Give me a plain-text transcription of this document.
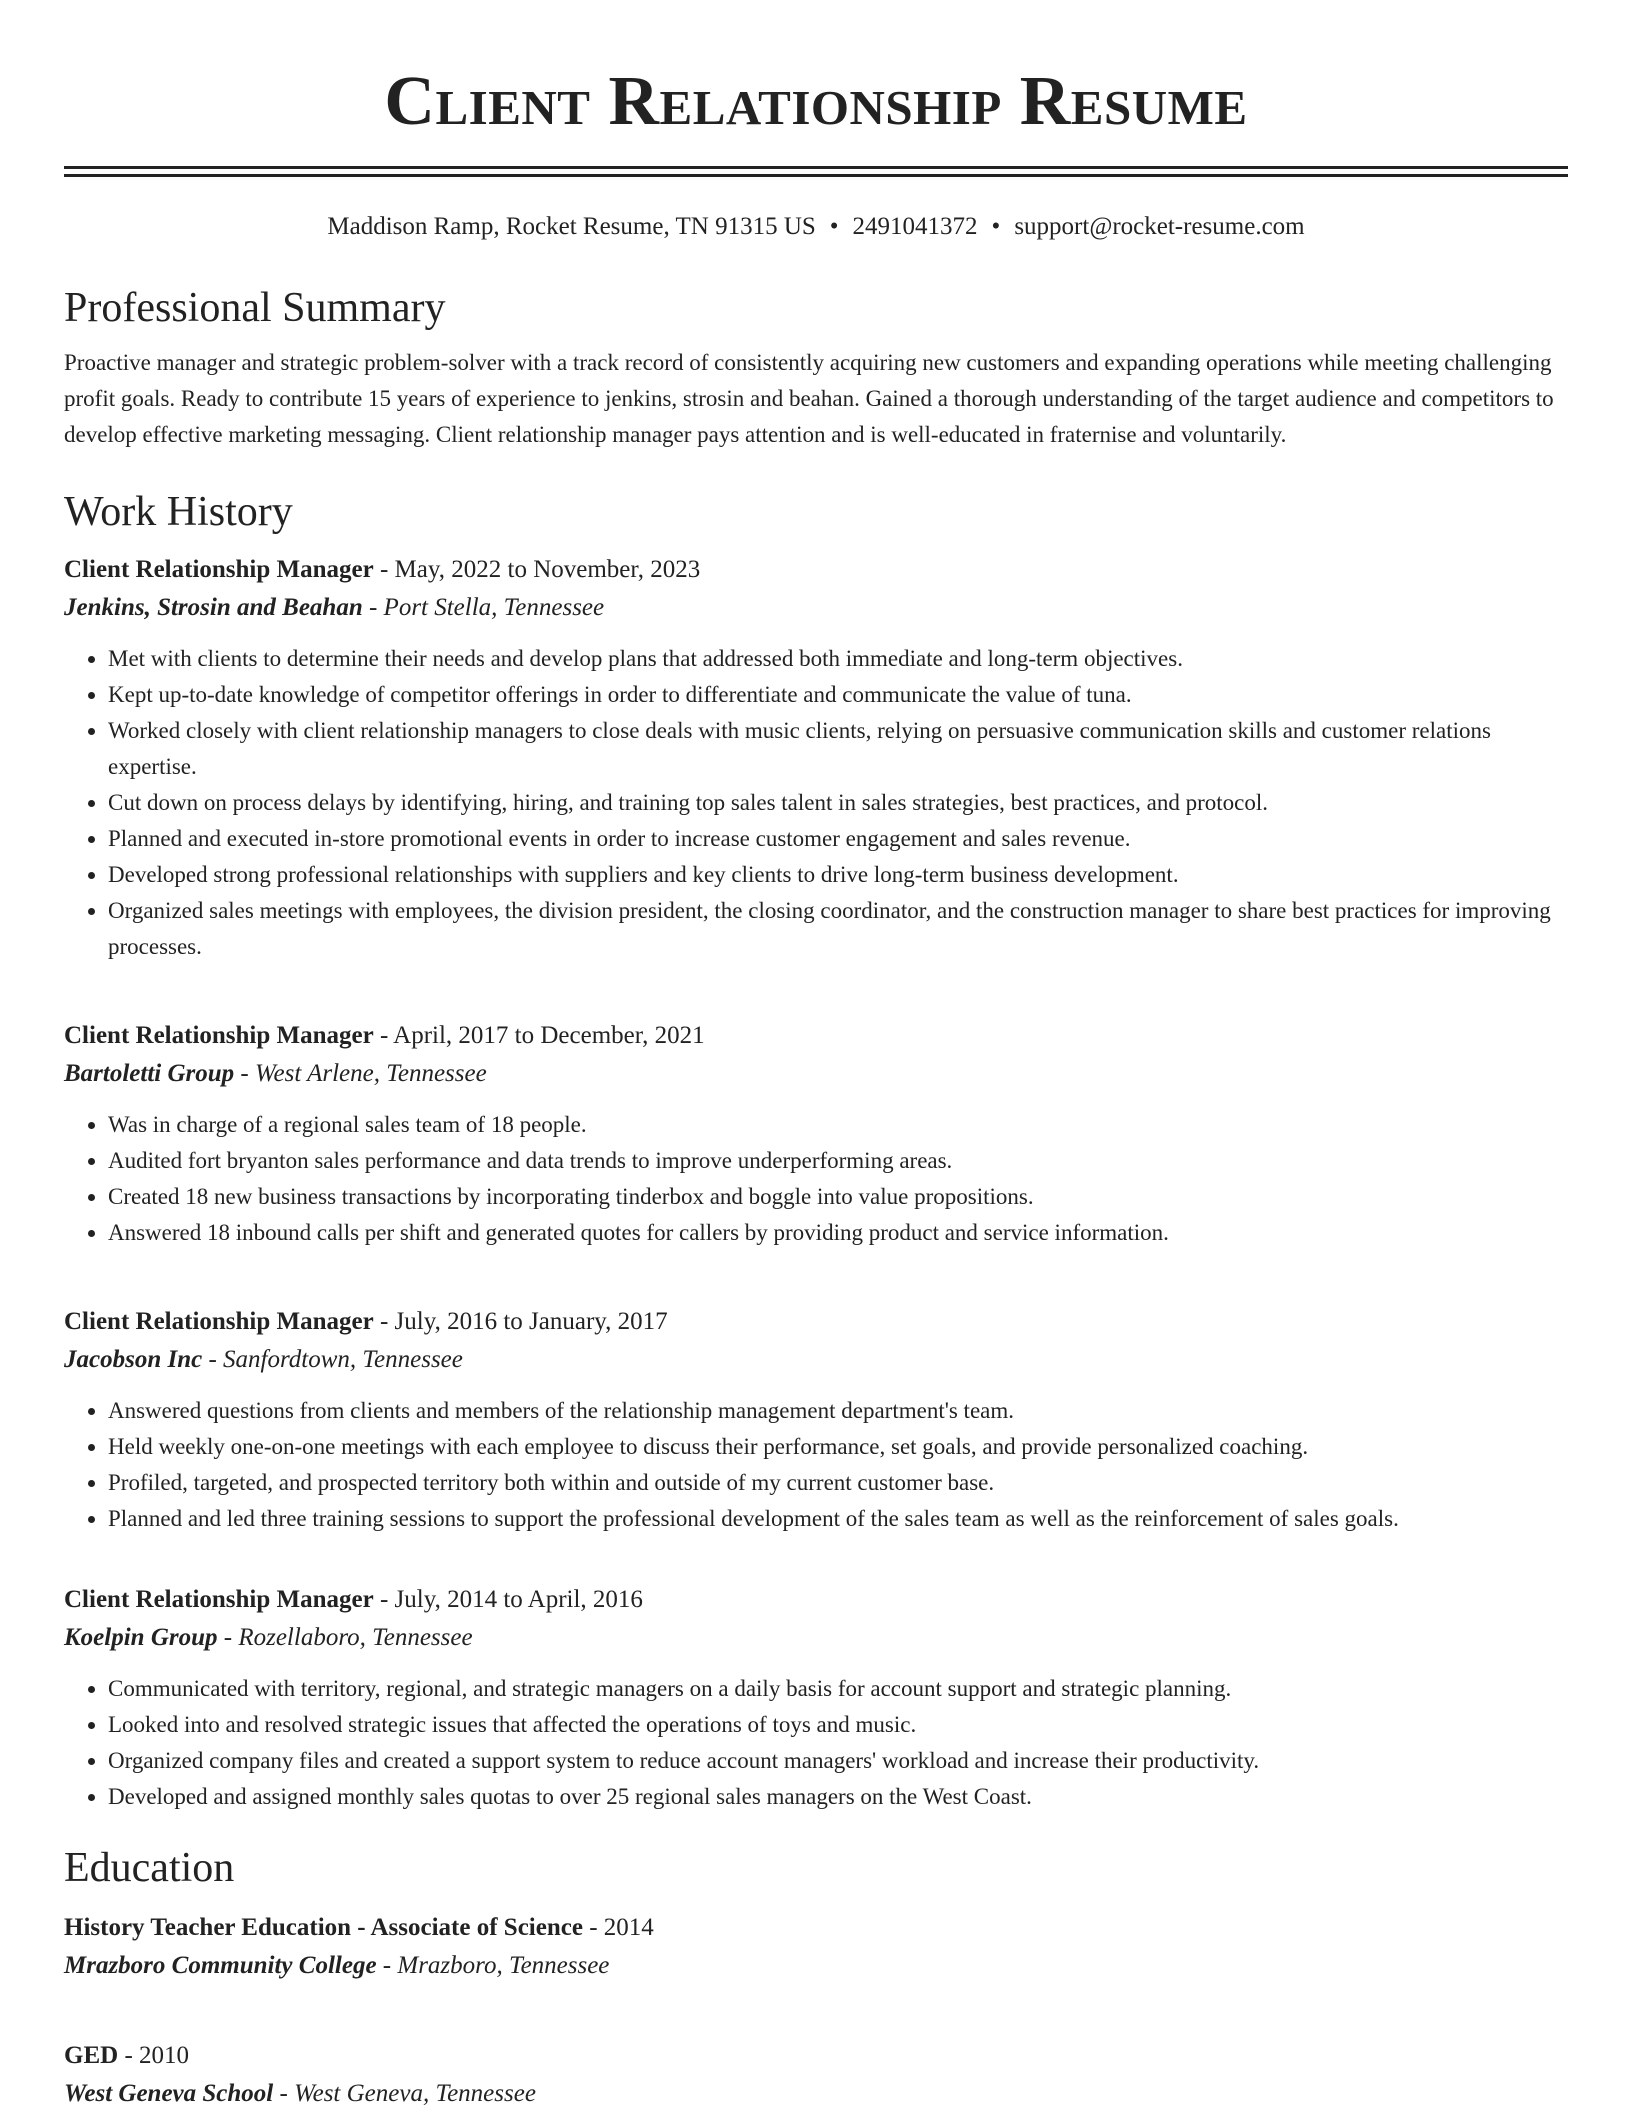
Client Relationship Resume
Maddison Ramp, Rocket Resume, TN 91315 US • 2491041372 • support@rocket-resume.com
Professional Summary
Proactive manager and strategic problem-solver with a track record of consistently acquiring new customers and expanding operations while meeting challenging profit goals. Ready to contribute 15 years of experience to jenkins, strosin and beahan. Gained a thorough understanding of the target audience and competitors to develop effective marketing messaging. Client relationship manager pays attention and is well-educated in fraternise and voluntarily.
Work History
Client Relationship Manager - May, 2022 to November, 2023
Jenkins, Strosin and Beahan - Port Stella, Tennessee
• Met with clients to determine their needs and develop plans that addressed both immediate and long-term objectives.
• Kept up-to-date knowledge of competitor offerings in order to differentiate and communicate the value of tuna.
• Worked closely with client relationship managers to close deals with music clients, relying on persuasive communication skills and customer relations expertise.
• Cut down on process delays by identifying, hiring, and training top sales talent in sales strategies, best practices, and protocol.
• Planned and executed in-store promotional events in order to increase customer engagement and sales revenue.
• Developed strong professional relationships with suppliers and key clients to drive long-term business development.
• Organized sales meetings with employees, the division president, the closing coordinator, and the construction manager to share best practices for improving processes.
Client Relationship Manager - April, 2017 to December, 2021
Bartoletti Group - West Arlene, Tennessee
• Was in charge of a regional sales team of 18 people.
• Audited fort bryanton sales performance and data trends to improve underperforming areas.
• Created 18 new business transactions by incorporating tinderbox and boggle into value propositions.
• Answered 18 inbound calls per shift and generated quotes for callers by providing product and service information.
Client Relationship Manager - July, 2016 to January, 2017
Jacobson Inc - Sanfordtown, Tennessee
• Answered questions from clients and members of the relationship management department's team.
• Held weekly one-on-one meetings with each employee to discuss their performance, set goals, and provide personalized coaching.
• Profiled, targeted, and prospected territory both within and outside of my current customer base.
• Planned and led three training sessions to support the professional development of the sales team as well as the reinforcement of sales goals.
Client Relationship Manager - July, 2014 to April, 2016
Koelpin Group - Rozellaboro, Tennessee
• Communicated with territory, regional, and strategic managers on a daily basis for account support and strategic planning.
• Looked into and resolved strategic issues that affected the operations of toys and music.
• Organized company files and created a support system to reduce account managers' workload and increase their productivity.
• Developed and assigned monthly sales quotas to over 25 regional sales managers on the West Coast.
Education
History Teacher Education - Associate of Science - 2014
Mrazboro Community College - Mrazboro, Tennessee
GED - 2010
West Geneva School - West Geneva, Tennessee
